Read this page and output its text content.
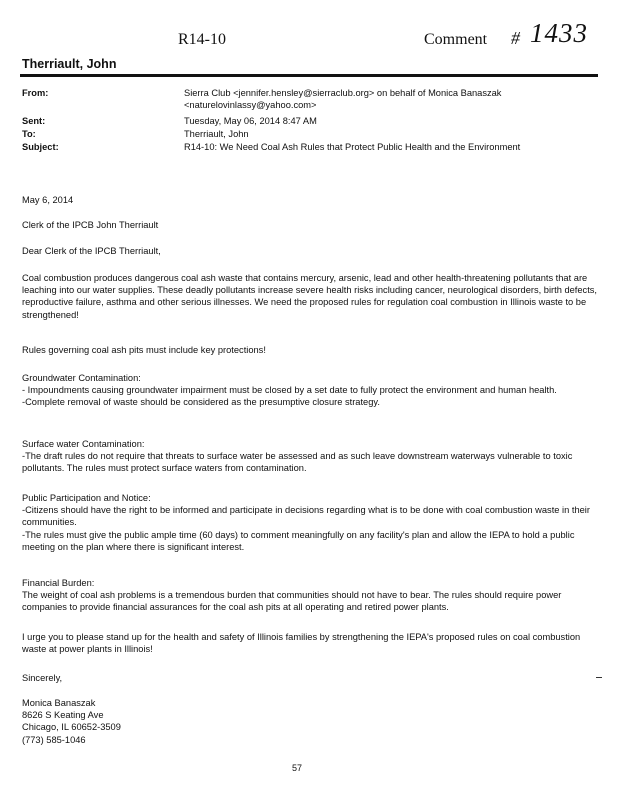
R14-10	Comment # 1433
Therriault, John
From:	Sierra Club <jennifer.hensley@sierraclub.org> on behalf of Monica Banaszak <naturelovinlassy@yahoo.com>
Sent:	Tuesday, May 06, 2014 8:47 AM
To:	Therriault, John
Subject:	R14-10: We Need Coal Ash Rules that Protect Public Health and the Environment
May 6, 2014
Clerk of the IPCB John Therriault
Dear Clerk of the IPCB Therriault,

Coal combustion produces dangerous coal ash waste that contains mercury, arsenic, lead and other health-threatening pollutants that are leaching into our water supplies. These deadly pollutants increase severe health risks including cancer, neurological disorders, birth defects, reproductive failure, asthma and other serious illnesses. We need the proposed rules for regulation coal combustion in Illinois waste to be strengthened!

Rules governing coal ash pits must include key protections!

Groundwater Contamination:

- Impoundments causing groundwater impairment must be closed by a set date to fully protect the environment and human health.

-Complete removal of waste should be considered as the presumptive closure strategy.

Surface water Contamination:

-The draft rules do not require that threats to surface water be assessed and as such leave downstream waterways vulnerable to toxic pollutants. The rules must protect surface waters from contamination.

Public Participation and Notice:

-Citizens should have the right to be informed and participate in decisions regarding what is to be done with coal combustion waste in their communities.

-The rules must give the public ample time (60 days) to comment meaningfully on any facility's plan and allow the IEPA to hold a public meeting on the plan where there is significant interest.

Financial Burden:

The weight of coal ash problems is a tremendous burden that communities should not have to bear. The rules should require power companies to provide financial assurances for the coal ash pits at all operating and retired power plants.

I urge you to please stand up for the health and safety of Illinois families by strengthening the IEPA's proposed rules on coal combustion waste at power plants in Illinois!

Sincerely,

Monica Banaszak

8626 S Keating Ave

Chicago, IL 60652-3509

(773) 585-1046

57
